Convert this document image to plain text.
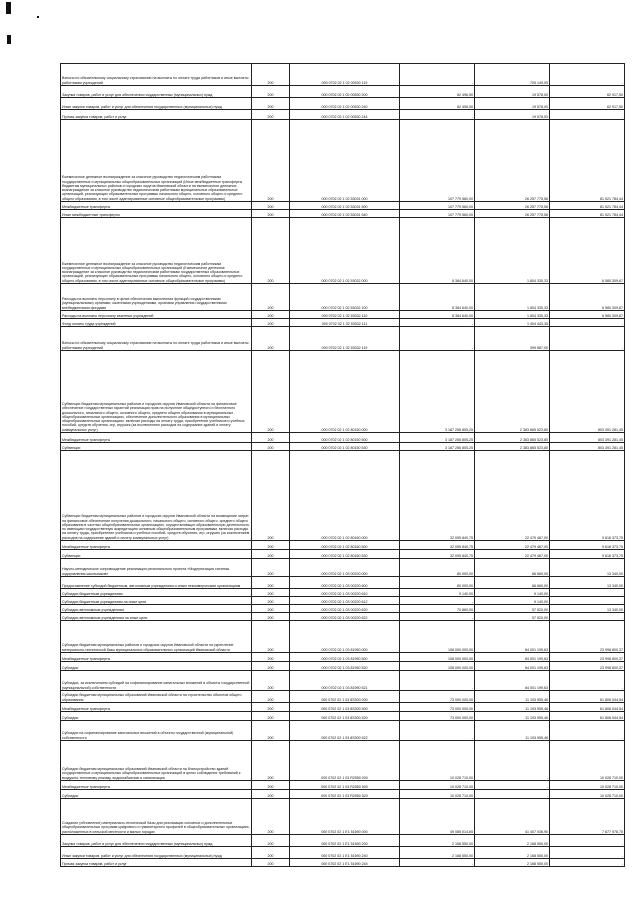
Взносы по обязательному социальному страхованию на выплаты по оплате труда работников и иные выплаты работникам учреждений	200	000 0702 02 1 02 00530 119	-	705 149,05	-
Закупка товаров, работ и услуг для обеспечения государственных (муниципальных) нужд	200	000 0702 02 1 02 00530 200	82 496,50	19 578,00	62 917,50
Иные закупки товаров, работ и услуг для обеспечения государственных (муниципальных) нужд	200	000 0702 02 1 02 00530 240	82 496,50	19 578,00	62 917,50
Прочая закупка товаров, работ и услуг	200	000 0702 02 1 02 00530 244	-	19 578,00	-
Ежемесячное денежное вознаграждение за классное руководство педагогическим работникам государственных и муниципальных общеобразовательных организаций (Иные межбюджетные трансферты бюджетам муниципальных районов и городских округов Ивановской области на ежемесячное денежное вознаграждение за классное руководство педагогическим работникам муниципальных образовательных организаций, реализующих образовательные программы начального общего, основного общего и среднего общего образования, в том числе адаптированные основные общеобразовательные программы)	200	000 0702 02 1 02 53031 000	107 779 560,00	26 257 775,56	81 521 784,44
Межбюджетные трансферты	200	000 0702 02 1 02 53031 500	107 779 560,00	26 257 775,56	81 521 784,44
Иные межбюджетные трансферты	200	000 0702 02 1 02 53031 540	107 779 560,00	26 257 775,56	81 521 784,44
Ежемесячное денежное вознаграждение за классное руководство педагогическим работникам государственных и муниципальных общеобразовательных организаций (Ежемесячное денежное вознаграждение за классное руководство педагогическим работникам государственных образовательных организаций, реализующих образовательные программы начального общего, основного общего и среднего общего образования, в том числе адаптированные основные общеобразовательные программы)	200	000 0702 02 1 02 53032 000	8 384 640,00	1 804 330,33	6 580 309,67
Расходы на выплаты персоналу в целях обеспечения выполнения функций государственными (муниципальными) органами, казенными учреждениями, органами управления государственными внебюджетными фондами	200	000 0702 02 1 02 53032 100	8 384 640,00	1 804 330,33	6 580 309,67
Расходы на выплаты персоналу казенных учреждений	200	000 0702 02 1 02 53032 110	8 384 640,00	1 804 330,33	6 580 309,67
Фонд оплаты труда учреждений	200	000 0702 02 1 02 53032 111	-	1 404 443,35	-
Взносы по обязательному социальному страхованию на выплаты по оплате труда работников и иные выплаты работникам учреждений	200	000 0702 02 1 02 53032 119	-	399 887,00	-
Субвенции бюджетам муниципальных районов и городских округов Ивановской области на финансовое обеспечение государственных гарантий реализации прав на получение общедоступного и бесплатного дошкольного, начального общего, основного общего, среднего общего образования в муниципальных общеобразовательных организациях, обеспечение дополнительного образования в муниципальных общеобразовательных организациях, включая расходы на оплату труда, приобретение учебников и учебных пособий, средств обучения, игр, игрушек (за исключением расходов на содержание зданий и оплату коммунальных услуг)	200	000 0702 02 1 02 80150 000	3 187 256 805,25	2 383 865 523,80	803 391 281,45
Межбюджетные трансферты	200	000 0702 02 1 02 80150 500	3 187 256 805,25	2 383 865 523,80	803 391 281,45
Субвенции	200	000 0702 02 1 02 80150 530	3 187 256 805,25	2 383 865 523,80	803 391 281,45
Субвенции бюджетам муниципальных районов и городских округов Ивановской области на возмещение затрат на финансовое обеспечение получения дошкольного, начального общего, основного общего, среднего общего образования в частных общеобразовательных организациях, осуществляющих образовательную деятельность по имеющим государственную аккредитацию основным общеобразовательным программам, включая расходы на оплату труда, приобретение учебников и учебных пособий, средств обучения, игр, игрушек (за исключением расходов на содержание зданий и оплату коммунальных услуг)	200	000 0702 02 1 02 80160 000	32 095 840,75	22 479 467,00	9 616 373,75
Межбюджетные трансферты	200	000 0702 02 1 02 80160 500	32 095 840,75	22 479 467,00	9 616 373,75
Субвенции	200	000 0702 02 1 02 80160 530	32 095 840,75	22 479 467,00	9 616 373,75
Научно-методическое сопровождение реализации регионального проекта «Модернизация системы оздоровления школьников»	200	000 0702 02 1 03 00220 000	80 000,00	66 660,00	13 340,00
Предоставление субсидий бюджетным, автономным учреждениям и иным некоммерческим организациям	200	000 0702 02 1 03 00220 600	80 000,00	66 660,00	13 340,00
Субсидии бюджетным учреждениям	200	000 0702 02 1 03 00220 610	9 140,00	9 140,00	-
Субсидии бюджетным учреждениям на иные цели	200	000 0702 02 1 03 00220 612	-	9 140,00	-
Субсидии автономным учреждениям	200	000 0702 02 1 03 00220 620	70 860,00	57 520,00	13 340,00
Субсидии автономным учреждениям на иные цели	200	000 0702 02 1 03 00220 622	-	57 520,00	-
Субсидии бюджетам муниципальных районов и городских округов Ивановской области на укрепление материально-технической базы муниципальных образовательных организаций Ивановской области	200	000 0702 02 1 03 81950 000	108 000 000,00	84 001 199,63	23 998 800,37
Межбюджетные трансферты	200	000 0702 02 1 03 81950 500	108 000 000,00	84 001 199,63	23 998 800,37
Субсидии	200	000 0702 02 1 03 81950 520	108 000 000,00	84 001 199,63	23 998 800,37
Субсидии, за исключением субсидий на софинансирование капитальных вложений в объекты государственной (муниципальной) собственности	200	000 0702 02 1 03 81950 521	-	84 001 199,63	-
Субсидии бюджетам муниципальных образований Ивановской области на строительство объектов общего образования	200	000 0702 02 1 03 8S300 000	73 000 000,00	11 193 955,46	61 806 044,54
Межбюджетные трансферты	200	000 0702 02 1 03 8S300 500	73 000 000,00	11 193 955,46	61 806 044,54
Субсидии	200	000 0702 02 1 03 8S300 520	73 000 000,00	11 193 955,46	61 806 044,54
Субсидии на софинансирование капитальных вложений в объекты государственной (муниципальной) собственности	200	000 0702 02 1 03 8S300 522	-	11 193 955,46	-
Субсидии бюджетам муниципальных образований Ивановской области на благоустройство зданий государственных и муниципальных общеобразовательных организаций в целях соблюдения требований к воздушно-тепловому режиму, водоснабжению и канализации	200	000 0702 02 1 03 R2550 000	10 028 710,00	-	10 028 710,00
Межбюджетные трансферты	200	000 0702 02 1 03 R2550 500	10 028 710,00	-	10 028 710,00
Субсидии	200	000 0702 02 1 03 R2550 520	10 028 710,00	-	10 028 710,00
Создание (обновление) материально-технической базы для реализации основных и дополнительных общеобразовательных программ цифрового и гуманитарного профилей в общеобразовательных организациях, расположенных в сельской местности и малых городах	200	000 0702 02 1 E1 51690 000	49 085 014,65	41 407 036,90	7 677 978,75
Закупка товаров, работ и услуг для обеспечения государственных (муниципальных) нужд	200	000 0702 02 1 E1 51690 200	2 168 550,00	2 168 550,00	-
Иные закупки товаров, работ и услуг для обеспечения государственных (муниципальных) нужд	200	000 0702 02 1 E1 51690 240	2 168 550,00	2 168 550,00	-
Прочая закупка товаров, работ и услуг	200	000 0702 02 1 E1 51690 244	-	2 168 550,00	-
